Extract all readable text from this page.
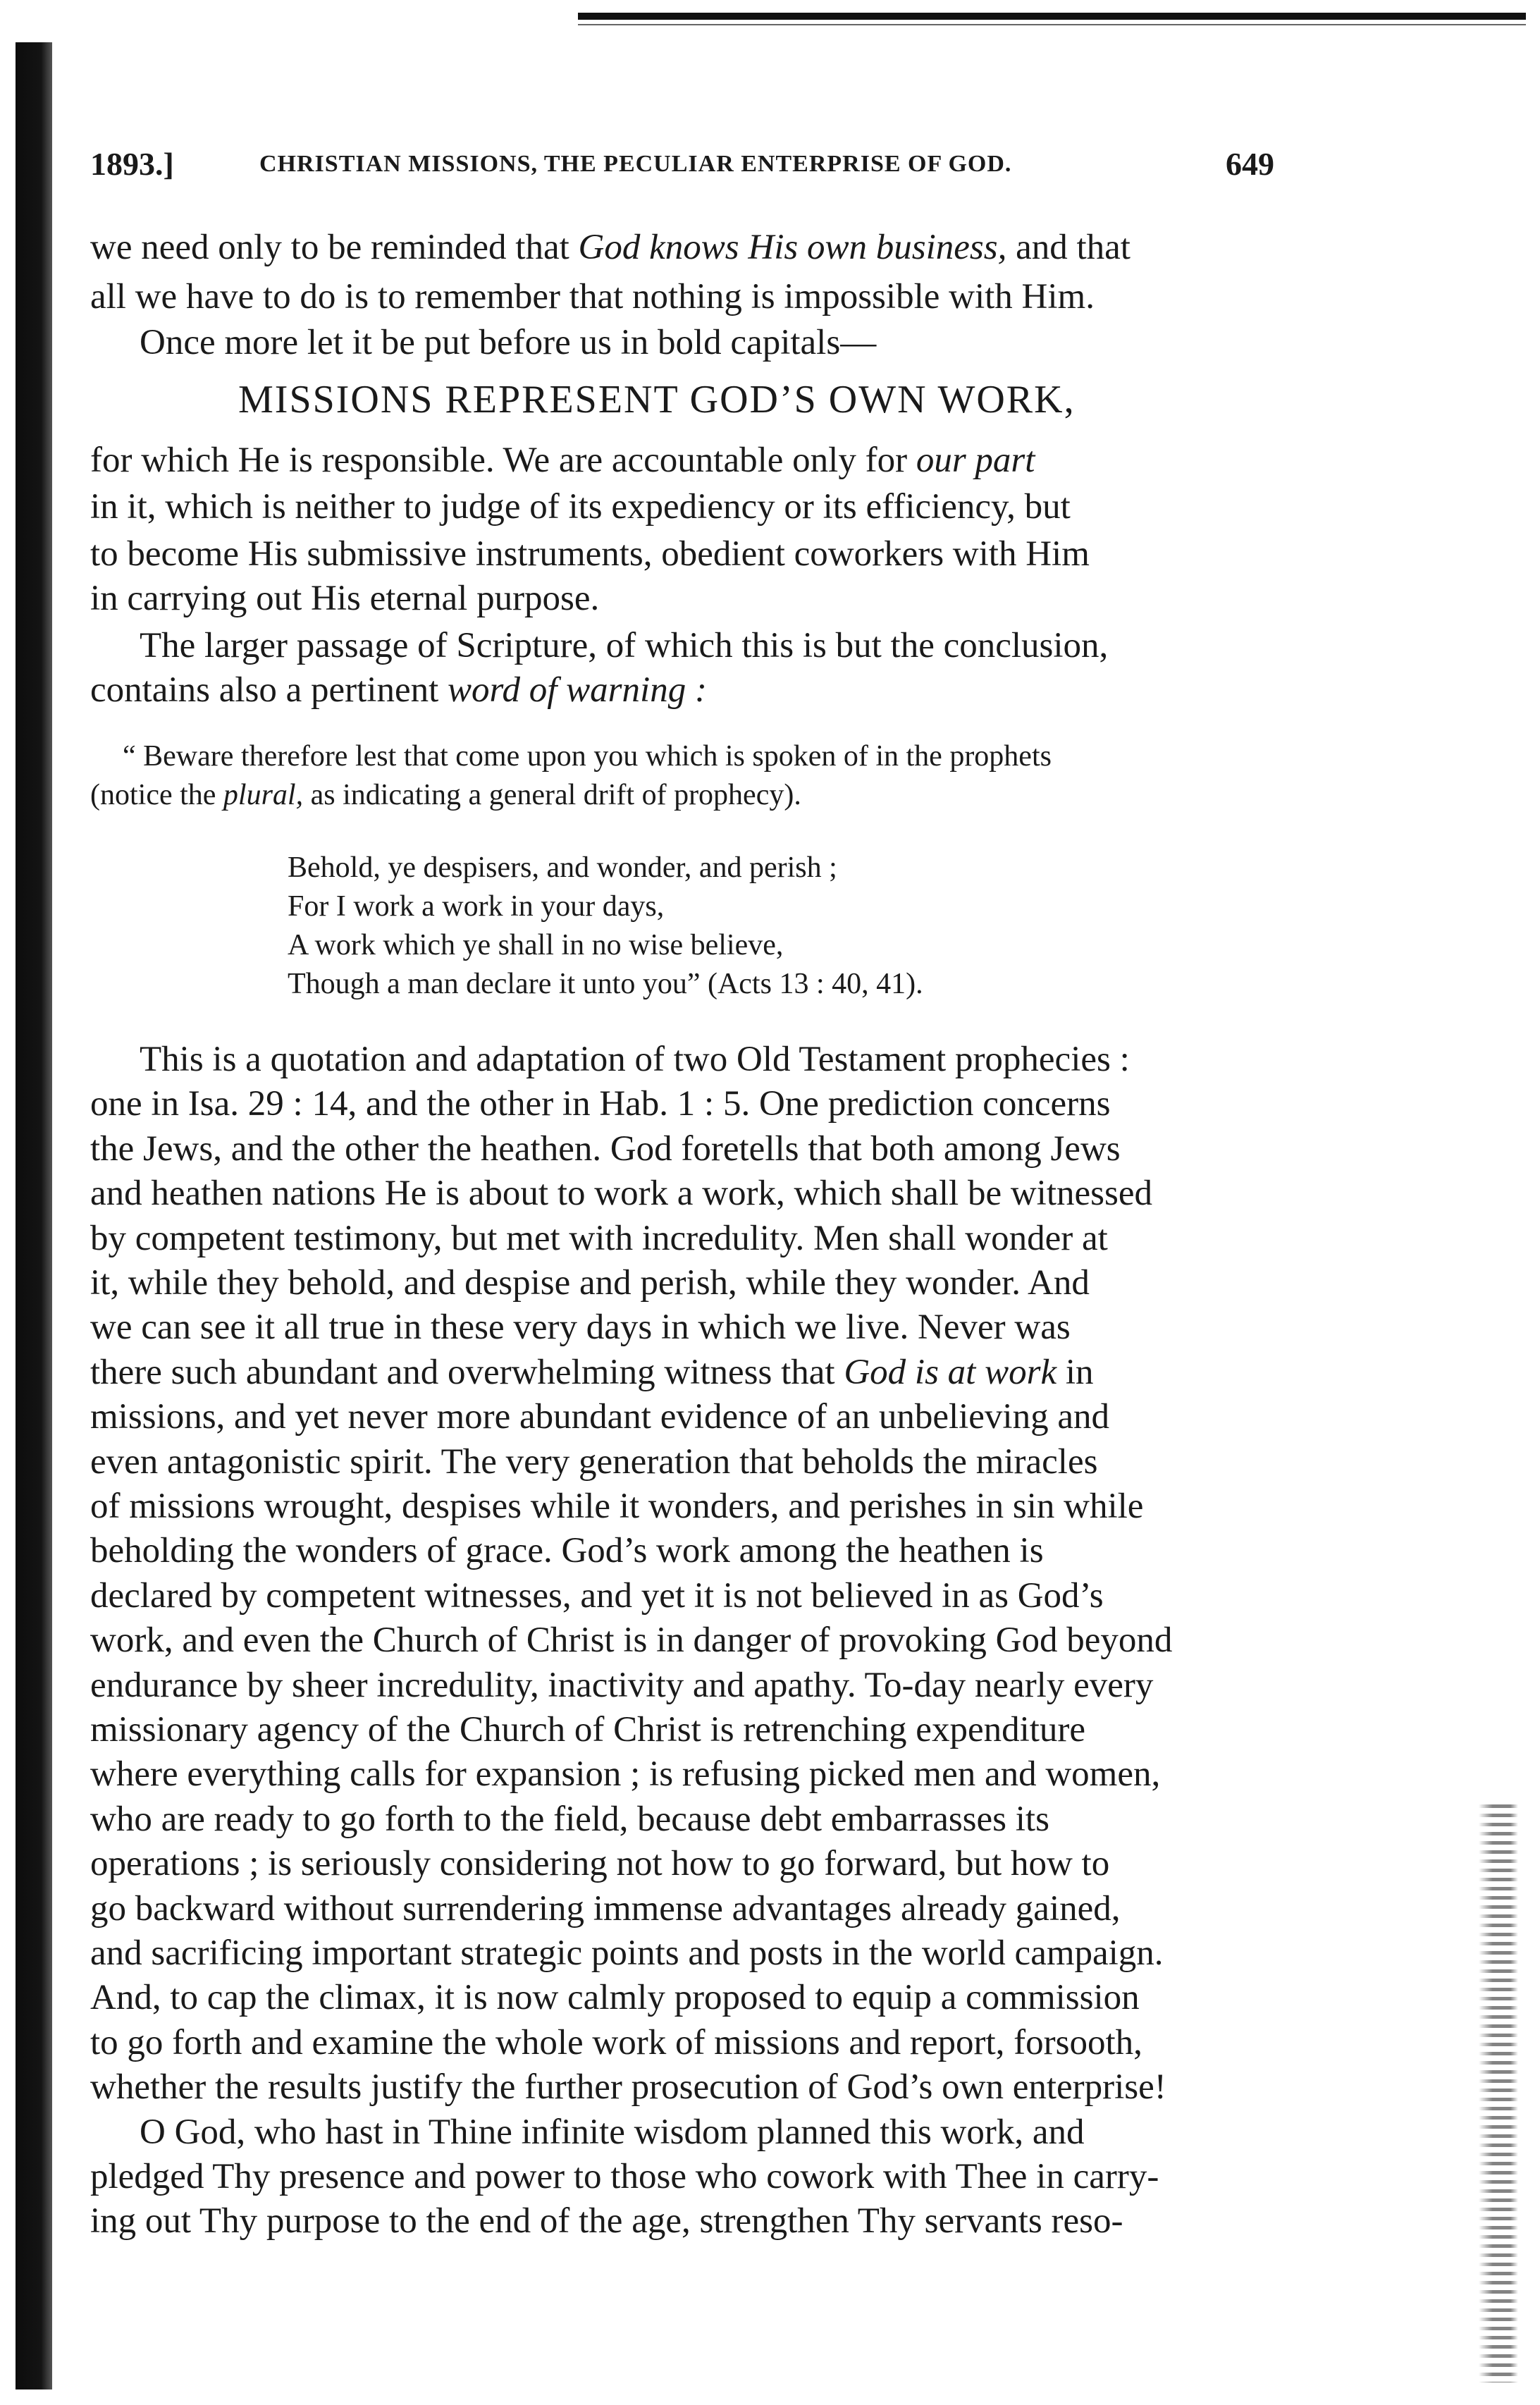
1893.]	CHRISTIAN MISSIONS, THE PECULIAR ENTERPRISE OF GOD.	649
we need only to be reminded that God knows His own business, and that
all we have to do is to remember that nothing is impossible with Him.
Once more let it be put before us in bold capitals—
MISSIONS REPRESENT GOD’S OWN WORK,
for which He is responsible. We are accountable only for our part
in it, which is neither to judge of its expediency or its efficiency, but
to become His submissive instruments, obedient coworkers with Him
in carrying out His eternal purpose.
The larger passage of Scripture, of which this is but the conclusion,
contains also a pertinent word of warning :
“ Beware therefore lest that come upon you which is spoken of in the prophets
(notice the plural, as indicating a general drift of prophecy).
Behold, ye despisers, and wonder, and perish ;
For I work a work in your days,
A work which ye shall in no wise believe,
Though a man declare it unto you” (Acts 13 : 40, 41).
This is a quotation and adaptation of two Old Testament prophecies :
one in Isa. 29 : 14, and the other in Hab. 1 : 5. One prediction concerns
the Jews, and the other the heathen. God foretells that both among Jews
and heathen nations He is about to work a work, which shall be witnessed
by competent testimony, but met with incredulity. Men shall wonder at
it, while they behold, and despise and perish, while they wonder. And
we can see it all true in these very days in which we live. Never was
there such abundant and overwhelming witness that God is at work in
missions, and yet never more abundant evidence of an unbelieving and
even antagonistic spirit. The very generation that beholds the miracles
of missions wrought, despises while it wonders, and perishes in sin while
beholding the wonders of grace. God’s work among the heathen is
declared by competent witnesses, and yet it is not believed in as God’s
work, and even the Church of Christ is in danger of provoking God beyond
endurance by sheer incredulity, inactivity and apathy. To-day nearly every
missionary agency of the Church of Christ is retrenching expenditure
where everything calls for expansion ; is refusing picked men and women,
who are ready to go forth to the field, because debt embarrasses its
operations ; is seriously considering not how to go forward, but how to
go backward without surrendering immense advantages already gained,
and sacrificing important strategic points and posts in the world campaign.
And, to cap the climax, it is now calmly proposed to equip a commission
to go forth and examine the whole work of missions and report, forsooth,
whether the results justify the further prosecution of God’s own enterprise!
O God, who hast in Thine infinite wisdom planned this work, and
pledged Thy presence and power to those who cowork with Thee in carry-
ing out Thy purpose to the end of the age, strengthen Thy servants reso-
